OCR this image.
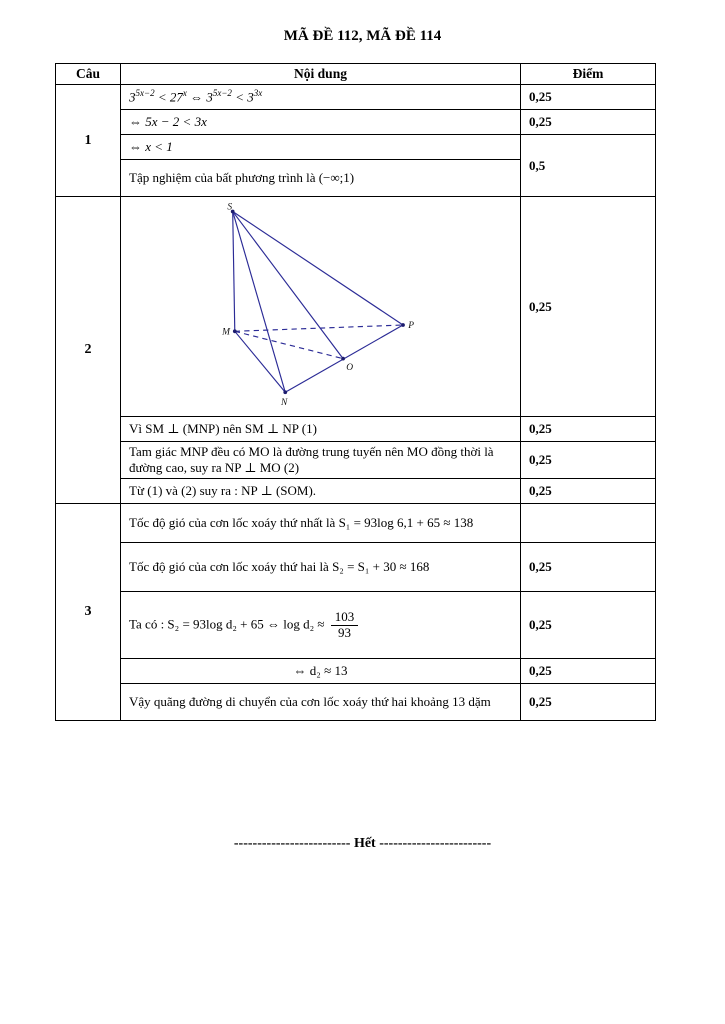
MÃ ĐỀ 112, MÃ ĐỀ 114
Câu	Nội dung	Điểm
1	$3^{5x-2} < 27^x$ ⇔ $3^{5x-2} < 3^{3x}$	0,25
	⇔ 5x − 2 < 3x	0,25
	⇔ x < 1	0,5
	Tập nghiệm của bất phương trình là (−∞;1)	
2	S
M
P
O
N	0,25
	Vì SM ⊥ (MNP) nên SM ⊥ NP (1)	0,25
	Tam giác MNP đều có MO là đường trung tuyến nên MO đồng thời là đường cao, suy ra NP ⊥ MO (2)	0,25
	Từ (1) và (2) suy ra : NP ⊥ (SOM).	0,25
3	Tốc độ gió của cơn lốc xoáy thứ nhất là S₁ = 93log 6,1 + 65 ≈ 138	
	Tốc độ gió của cơn lốc xoáy thứ hai là S₂ = S₁ + 30 ≈ 168	0,25
	Ta có : S₂ = 93log d₂ + 65 ⇔ $\log d_2 \approx \frac{103}{93}$	0,25
	⇔ d₂ ≈ 13	0,25
	Vậy quãng đường di chuyển của cơn lốc xoáy thứ hai khoảng 13 dặm	0,25
------------------------- Hết ------------------------
